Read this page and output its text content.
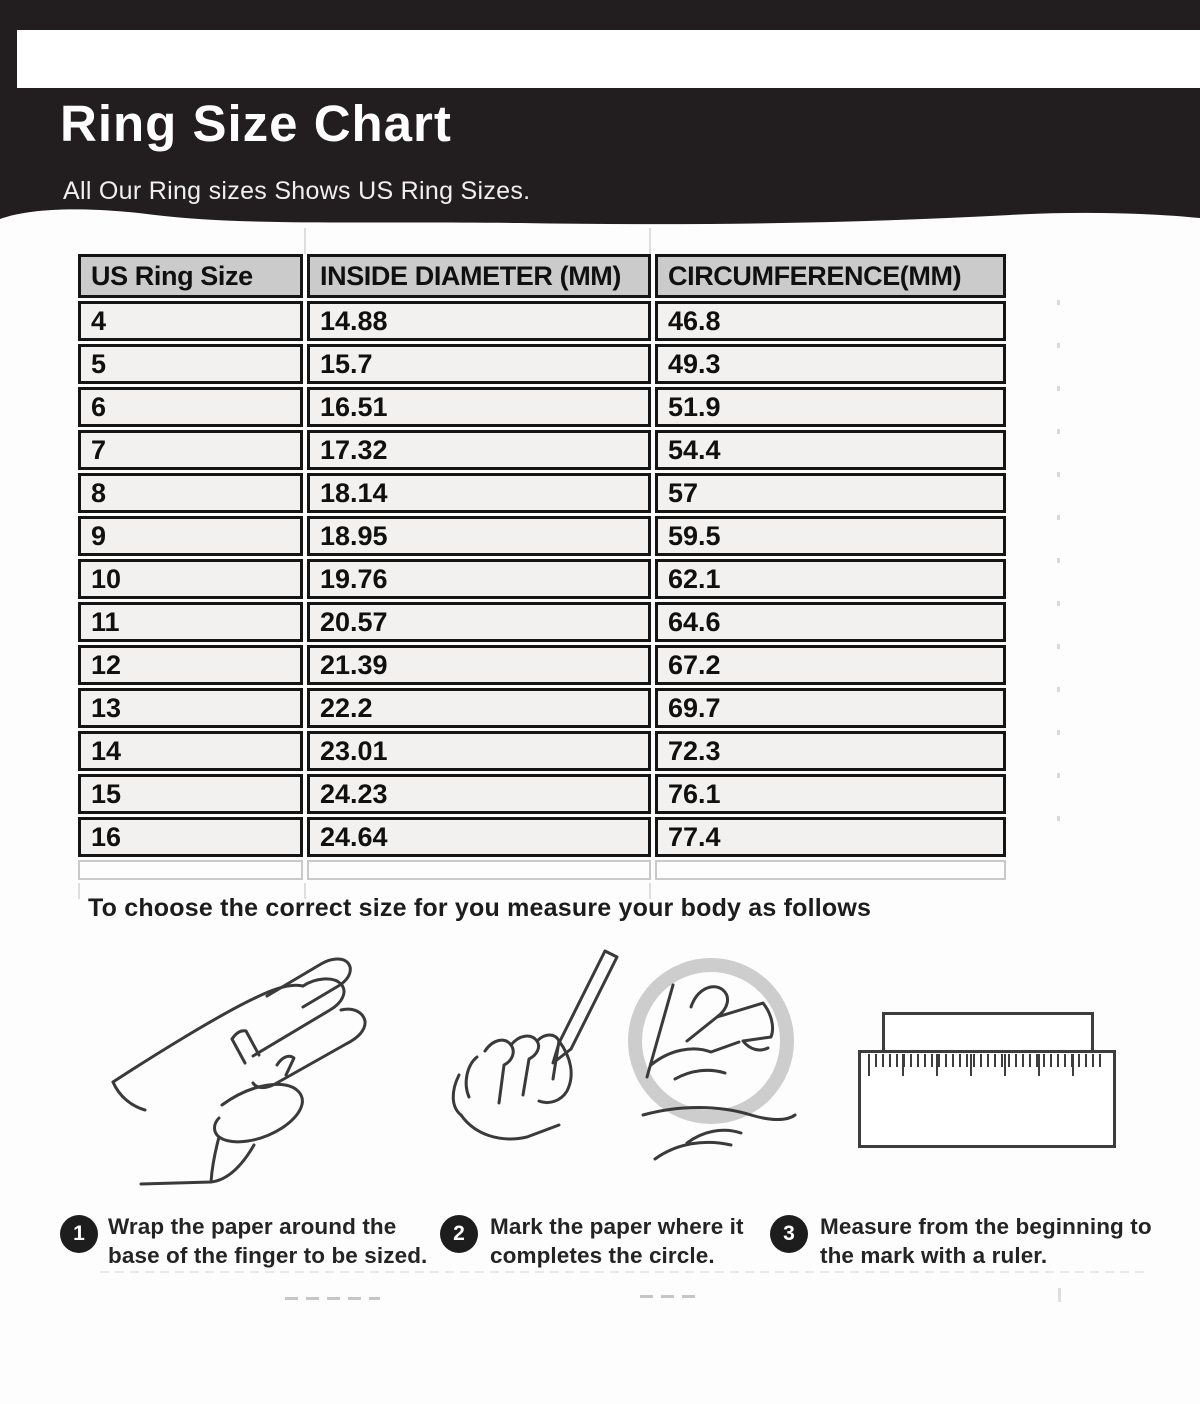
Ring Size Chart
All Our Ring sizes Shows US Ring Sizes.
US Ring Size	INSIDE DIAMETER (MM)	CIRCUMFERENCE(MM)
4	14.88	46.8
5	15.7	49.3
6	16.51	51.9
7	17.32	54.4
8	18.14	57
9	18.95	59.5
10	19.76	62.1
11	20.57	64.6
12	21.39	67.2
13	22.2	69.7
14	23.01	72.3
15	24.23	76.1
16	24.64	77.4
To choose the correct size for you measure your body as follows
1	Wrap the paper around the base of the finger to be sized.
2	Mark the paper where it completes the circle.
3	Measure from the beginning to the mark with a ruler.
